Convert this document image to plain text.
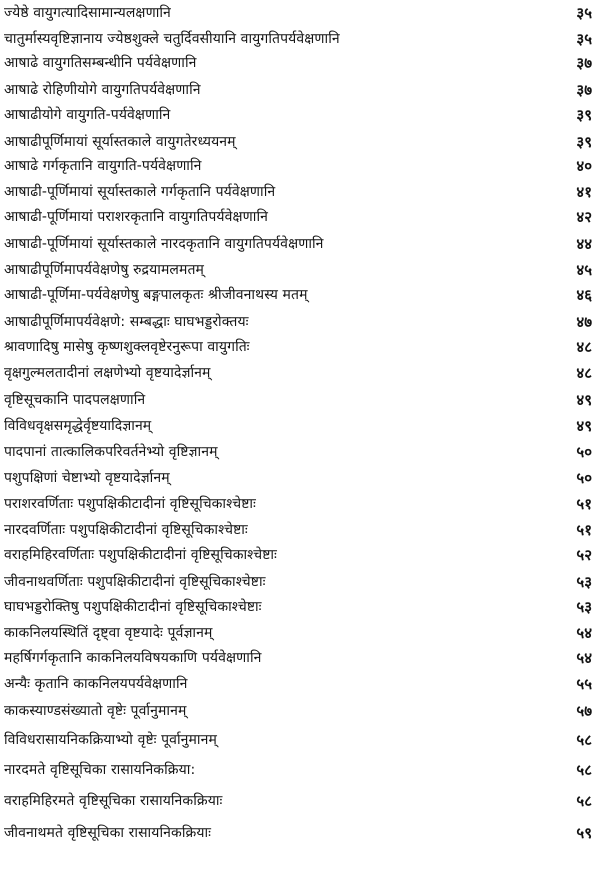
ज्येष्ठे वायुगत्यादिसामान्यलक्षणानि	३५
चातुर्मास्यवृष्टिज्ञानाय ज्येष्ठशुक्ले चतुर्दिवसीयानि वायुगतिपर्यवेक्षणानि	३५
आषाढे वायुगतिसम्बन्धीनि पर्यवेक्षणानि	३७
आषाढे रोहिणीयोगे वायुगतिपर्यवेक्षणानि	३७
आषाढीयोगे वायुगति-पर्यवेक्षणानि	३९
आषाढीपूर्णिमायां सूर्यास्तकाले वायुगतेरध्ययनम्	३९
आषाढे गर्गकृतानि वायुगति-पर्यवेक्षणानि	४०
आषाढी-पूर्णिमायां सूर्यास्तकाले गर्गकृतानि पर्यवेक्षणानि	४१
आषाढी-पूर्णिमायां पराशरकृतानि वायुगतिपर्यवेक्षणानि	४२
आषाढी-पूर्णिमायां सूर्यास्तकाले नारदकृतानि वायुगतिपर्यवेक्षणानि	४४
आषाढीपूर्णिमापर्यवेक्षणेषु रुद्रयामलमतम्	४५
आषाढी-पूर्णिमा-पर्यवेक्षणेषु बङ्गपालकृतः श्रीजीवनाथस्य मतम्	४६
आषाढीपूर्णिमापर्यवेक्षणे: सम्बद्धाः घाघभड्डरोक्तयः	४७
श्रावणादिषु मासेषु कृष्णशुक्लवृष्टेरनुरूपा वायुगतिः	४८
वृक्षगुल्मलतादीनां लक्षणेभ्यो वृष्टयादेर्ज्ञानम्	४८
वृष्टिसूचकानि पादपलक्षणानि	४९
विविधवृक्षसमृद्धेर्वृष्टयादिज्ञानम्	४९
पादपानां तात्कालिकपरिवर्तनेभ्यो वृष्टिज्ञानम्	५०
पशुपक्षिणां चेष्टाभ्यो वृष्टयादेर्ज्ञानम्	५०
पराशरवर्णिताः पशुपक्षिकीटादीनां वृष्टिसूचिकाश्चेष्टाः	५१
नारदवर्णिताः पशुपक्षिकीटादीनां वृष्टिसूचिकाश्चेष्टाः	५१
वराहमिहिरवर्णिताः पशुपक्षिकीटादीनां वृष्टिसूचिकाश्चेष्टाः	५२
जीवनाथवर्णिताः पशुपक्षिकीटादीनां वृष्टिसूचिकाश्चेष्टाः	५३
घाघभड्डरोक्तिषु पशुपक्षिकीटादीनां वृष्टिसूचिकाश्चेष्टाः	५३
काकनिलयस्थितिं दृष्ट्वा वृष्टयादेः पूर्वज्ञानम्	५४
महर्षिगर्गकृतानि काकनिलयविषयकाणि पर्यवेक्षणानि	५४
अन्यैः कृतानि काकनिलयपर्यवेक्षणानि	५५
काकस्याण्डसंख्यातो वृष्टेः पूर्वानुमानम्	५७
विविधरासायनिकक्रियाभ्यो वृष्टेः पूर्वानुमानम्	५८
नारदमते वृष्टिसूचिका रासायनिकक्रिया:	५८
वराहमिहिरमते वृष्टिसूचिका रासायनिकक्रियाः	५८
जीवनाथमते वृष्टिसूचिका रासायनिकक्रियाः	५९
